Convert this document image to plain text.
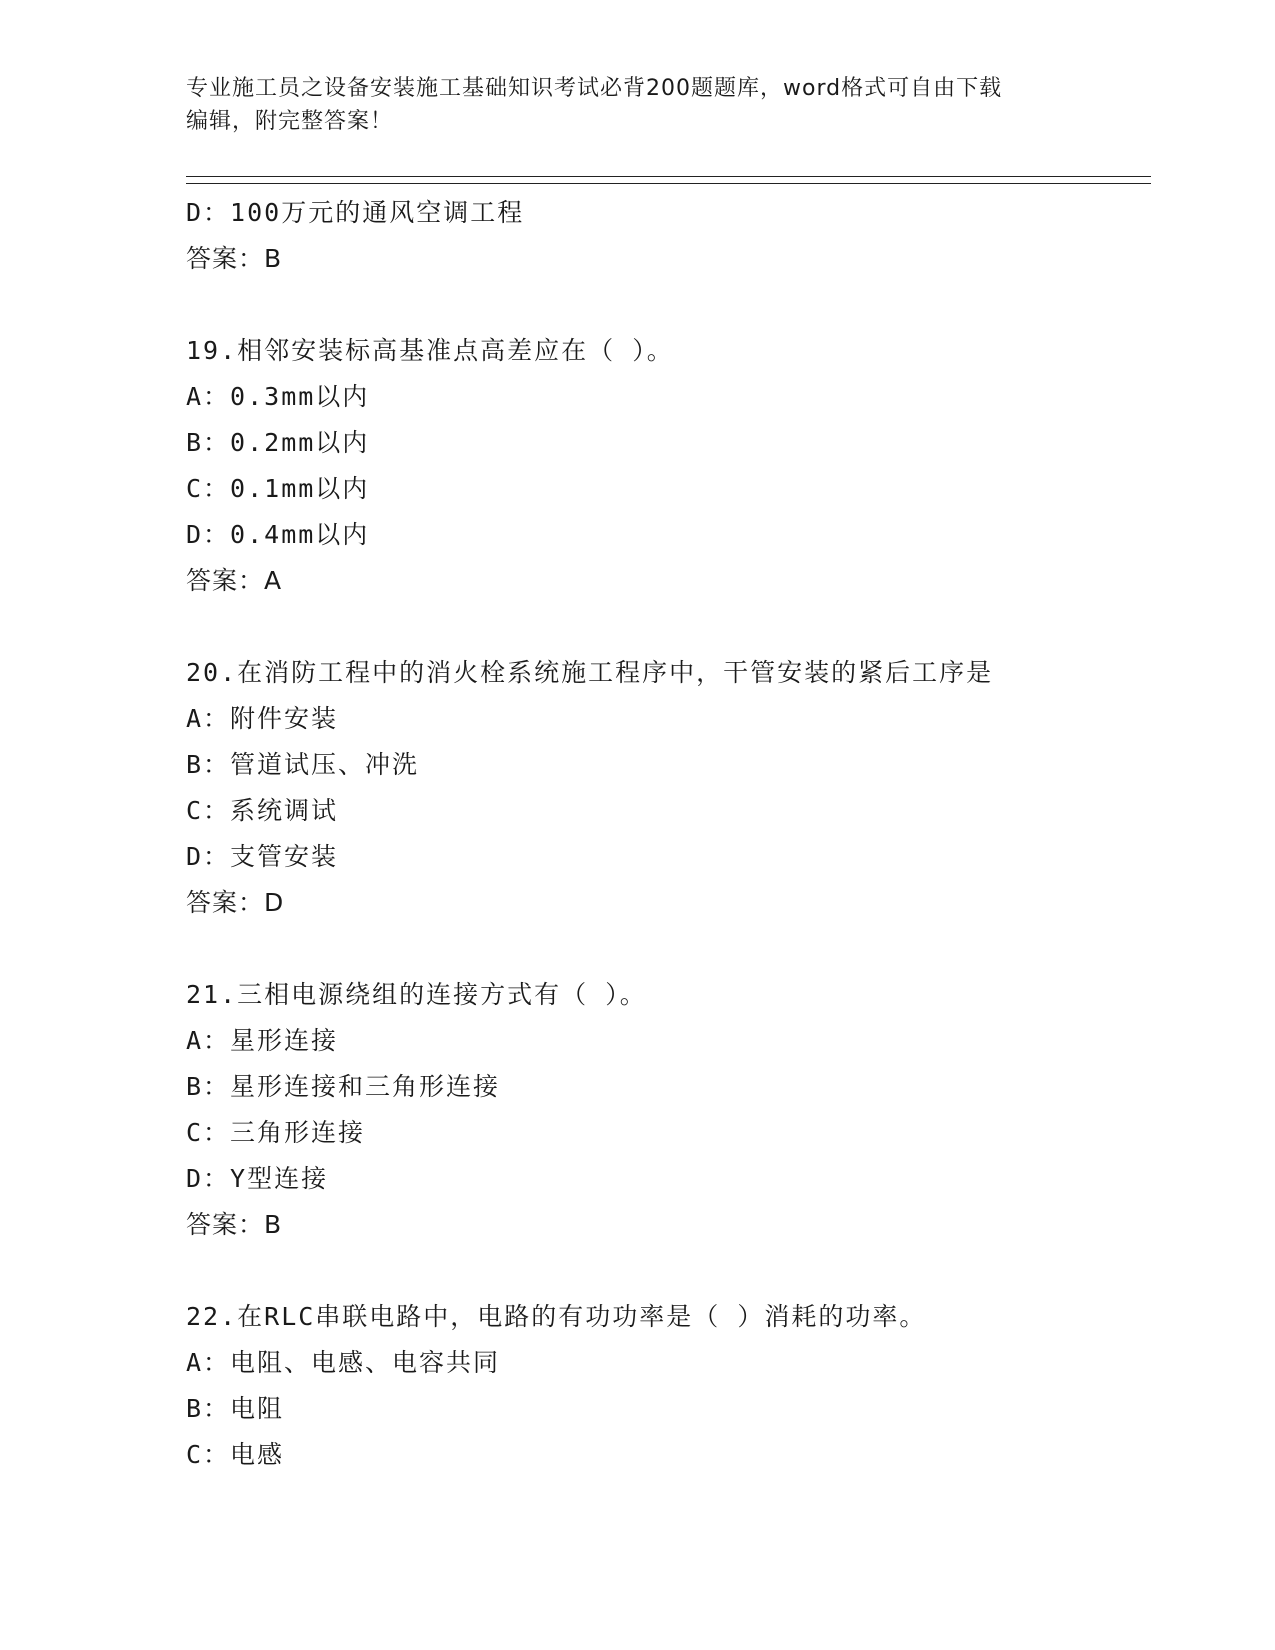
专业施工员之设备安装施工基础知识考试必背200题题库，word格式可自由下载
编辑，附完整答案！
D：100万元的通风空调工程
答案：B
19.相邻安装标高基准点高差应在（ ）。
A：0.3mm以内
B：0.2mm以内
C：0.1mm以内
D：0.4mm以内
答案：A
20.在消防工程中的消火栓系统施工程序中，干管安装的紧后工序是
A：附件安装
B：管道试压、冲洗
C：系统调试
D：支管安装
答案：D
21.三相电源绕组的连接方式有（ ）。
A：星形连接
B：星形连接和三角形连接
C：三角形连接
D：Y型连接
答案：B
22.在RLC串联电路中，电路的有功功率是（ ）消耗的功率。
A：电阻、电感、电容共同
B：电阻
C：电感
